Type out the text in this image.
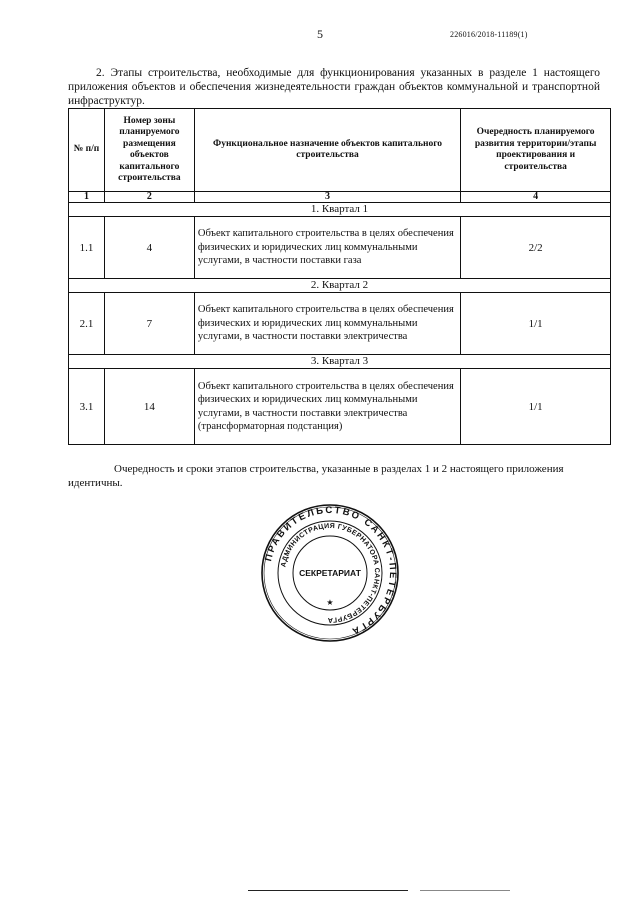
5	226016/2018-11189(1)
2. Этапы строительства, необходимые для функционирования указанных в разделе 1 настоящего приложения объектов и обеспечения жизнедеятельности граждан объектов коммунальной и транспортной инфраструктур.
№ п/п	Номер зоны планируемого размещения объектов капитального строительства	Функциональное назначение объектов капитального строительства	Очередность планируемого развития территории/этапы проектирования и строительства
1	2	3	4
1. Квартал 1			
1.1	4	Объект капитального строительства в целях обеспечения физических и юридических лиц коммунальными услугами, в частности поставки газа	2/2
2. Квартал 2			
2.1	7	Объект капитального строительства в целях обеспечения физических и юридических лиц коммунальными услугами, в частности поставки электричества	1/1
3. Квартал 3			
3.1	14	Объект капитального строительства в целях обеспечения физических и юридических лиц коммунальными услугами, в частности поставки электричества (трансформаторная подстанция)	1/1
Очередность и сроки этапов строительства, указанные в разделах 1 и 2 настоящего приложения идентичны.
ПРАВИТЕЛЬСТВО САНКТ-ПЕТЕРБУРГА
АДМИНИСТРАЦИЯ ГУБЕРНАТОРА САНКТ-ПЕТЕРБУРГА
СЕКРЕТАРИАТ
★
